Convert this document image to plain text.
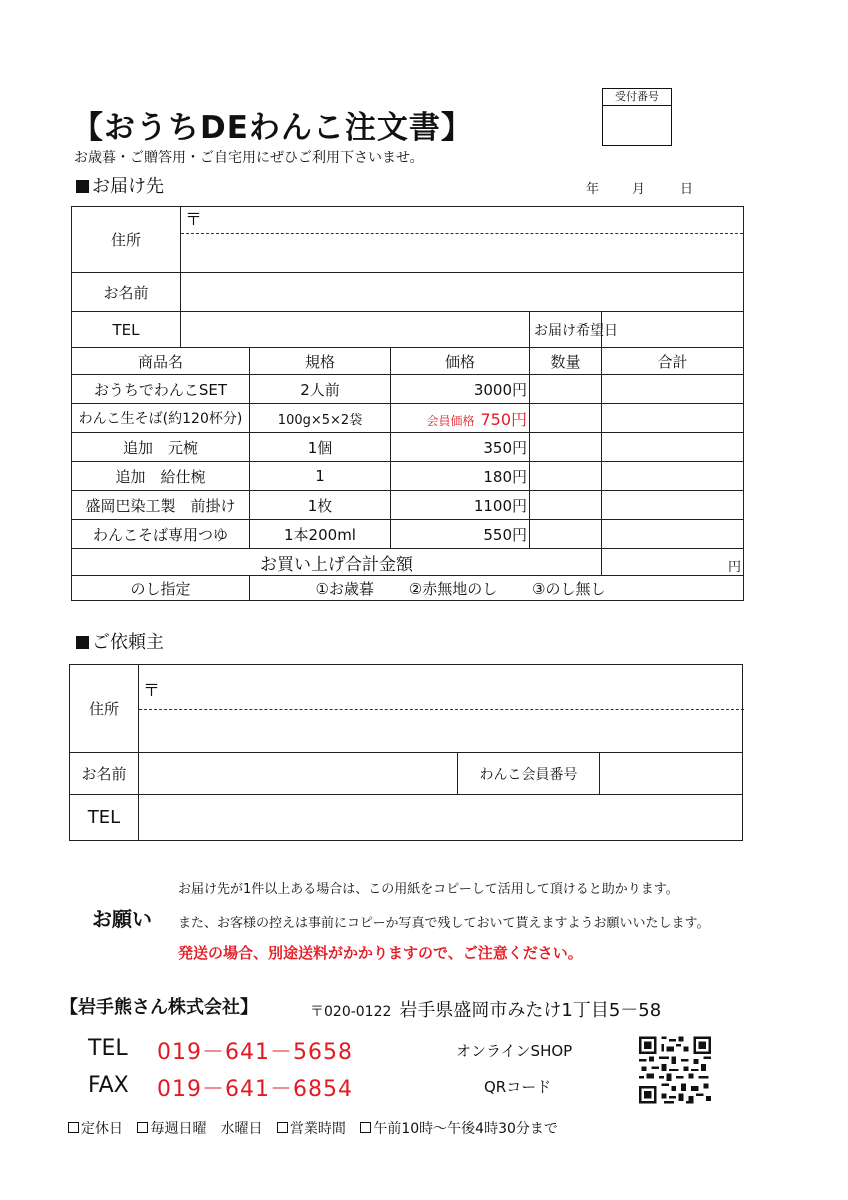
【おうちDEわんこ注文書】
お歳暮・ご贈答用・ご自宅用にぜひご利用下さいませ。
受付番号
お届け先	年	月	日
住所	〒				

お名前					
TEL				お届け希望日	
商品名		規格	価格	数量	合計
おうちでわんこSET		2人前	3000円		
わんこ生そば(約120杯分)		100g×5×2袋	会員価格 750円		
追加　元椀		1個	350円		
追加　給仕椀		1	180円		
盛岡巴染工製　前掛け		1枚	1100円		
わんこそば専用つゆ		1本200ml	550円		
お買い上げ合計金額					円
のし指定		①お歳暮 ②赤無地のし ③のし無し			
ご依頼主
住所	〒		

お名前		わんこ会員番号	
TEL			
お届け先が1件以上ある場合は、この用紙をコピーして活用して頂けると助かります。
お願い また、お客様の控えは事前にコピーか写真で残しておいて貰えますようお願いいたします。
発送の場合、別途送料がかかりますので、ご注意ください。
【岩手熊さん株式会社】	〒020-0122 岩手県盛岡市みたけ1丁目5－58
TEL 019－641－5658
FAX 019－641－6854
オンラインSHOP
QRコード
定休日 毎週日曜　水曜日 営業時間 午前10時～午後4時30分まで
